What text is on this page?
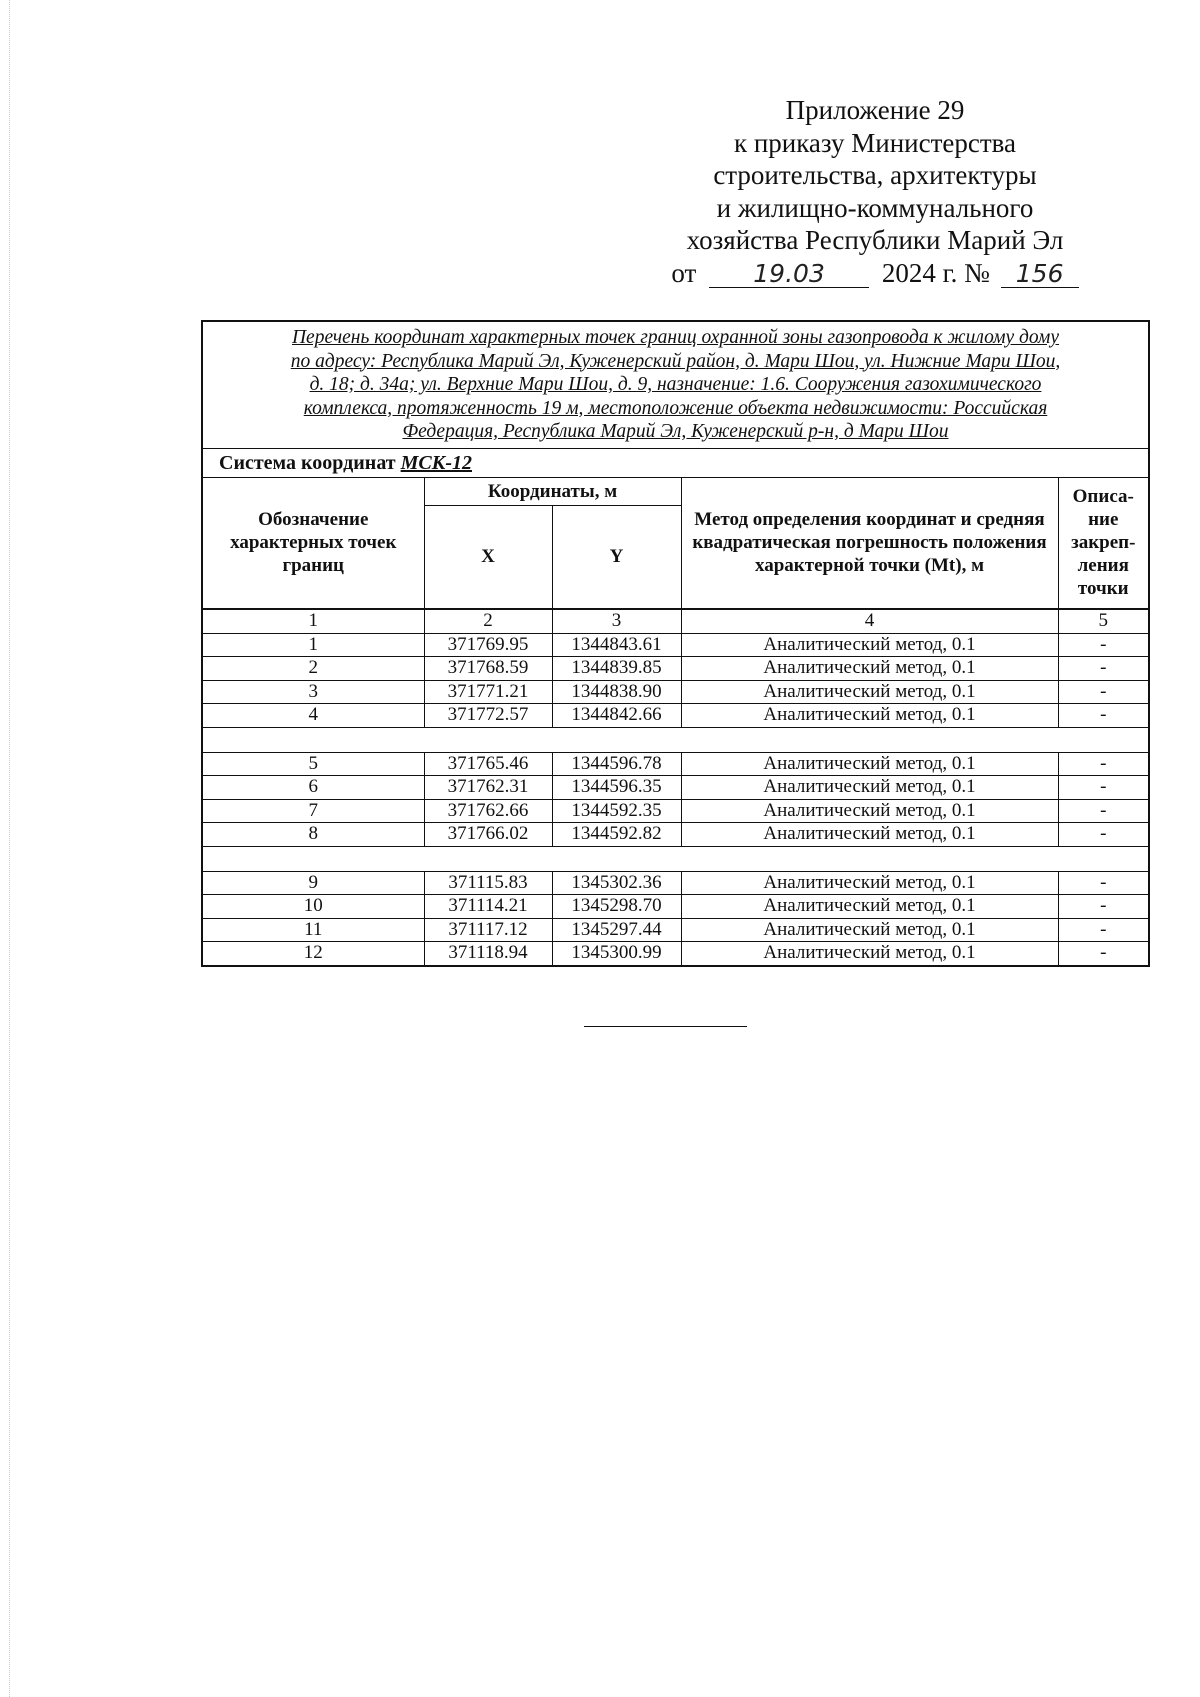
Приложение 29
к приказу Министерства
строительства, архитектуры
и жилищно-коммунального
хозяйства Республики Марий Эл
от 19.03 2024 г. № 156
Перечень координат характерных точек границ охранной зоны газопровода к жилому дому
по адресу: Республика Марий Эл, Куженерский район, д. Мари Шои, ул. Нижние Мари Шои,
д. 18; д. 34а; ул. Верхние Мари Шои, д. 9, назначение: 1.6. Сооружения газохимического
комплекса, протяженность 19 м, местоположение объекта недвижимости: Российская
Федерация, Республика Марий Эл, Куженерский р-н, д Мари Шои
Система координат МСК-12
Обозначение характерных точек границ	Координаты, м		Метод определения координат и средняя квадратическая погрешность положения характерной точки (Mt), м	Описа-ние закреп-ления точки
	X	Y		
1	2	3	4	5
1	371769.95	1344843.61	Аналитический метод, 0.1	-
2	371768.59	1344839.85	Аналитический метод, 0.1	-
3	371771.21	1344838.90	Аналитический метод, 0.1	-
4	371772.57	1344842.66	Аналитический метод, 0.1	-

5	371765.46	1344596.78	Аналитический метод, 0.1	-
6	371762.31	1344596.35	Аналитический метод, 0.1	-
7	371762.66	1344592.35	Аналитический метод, 0.1	-
8	371766.02	1344592.82	Аналитический метод, 0.1	-

9	371115.83	1345302.36	Аналитический метод, 0.1	-
10	371114.21	1345298.70	Аналитический метод, 0.1	-
11	371117.12	1345297.44	Аналитический метод, 0.1	-
12	371118.94	1345300.99	Аналитический метод, 0.1	-
